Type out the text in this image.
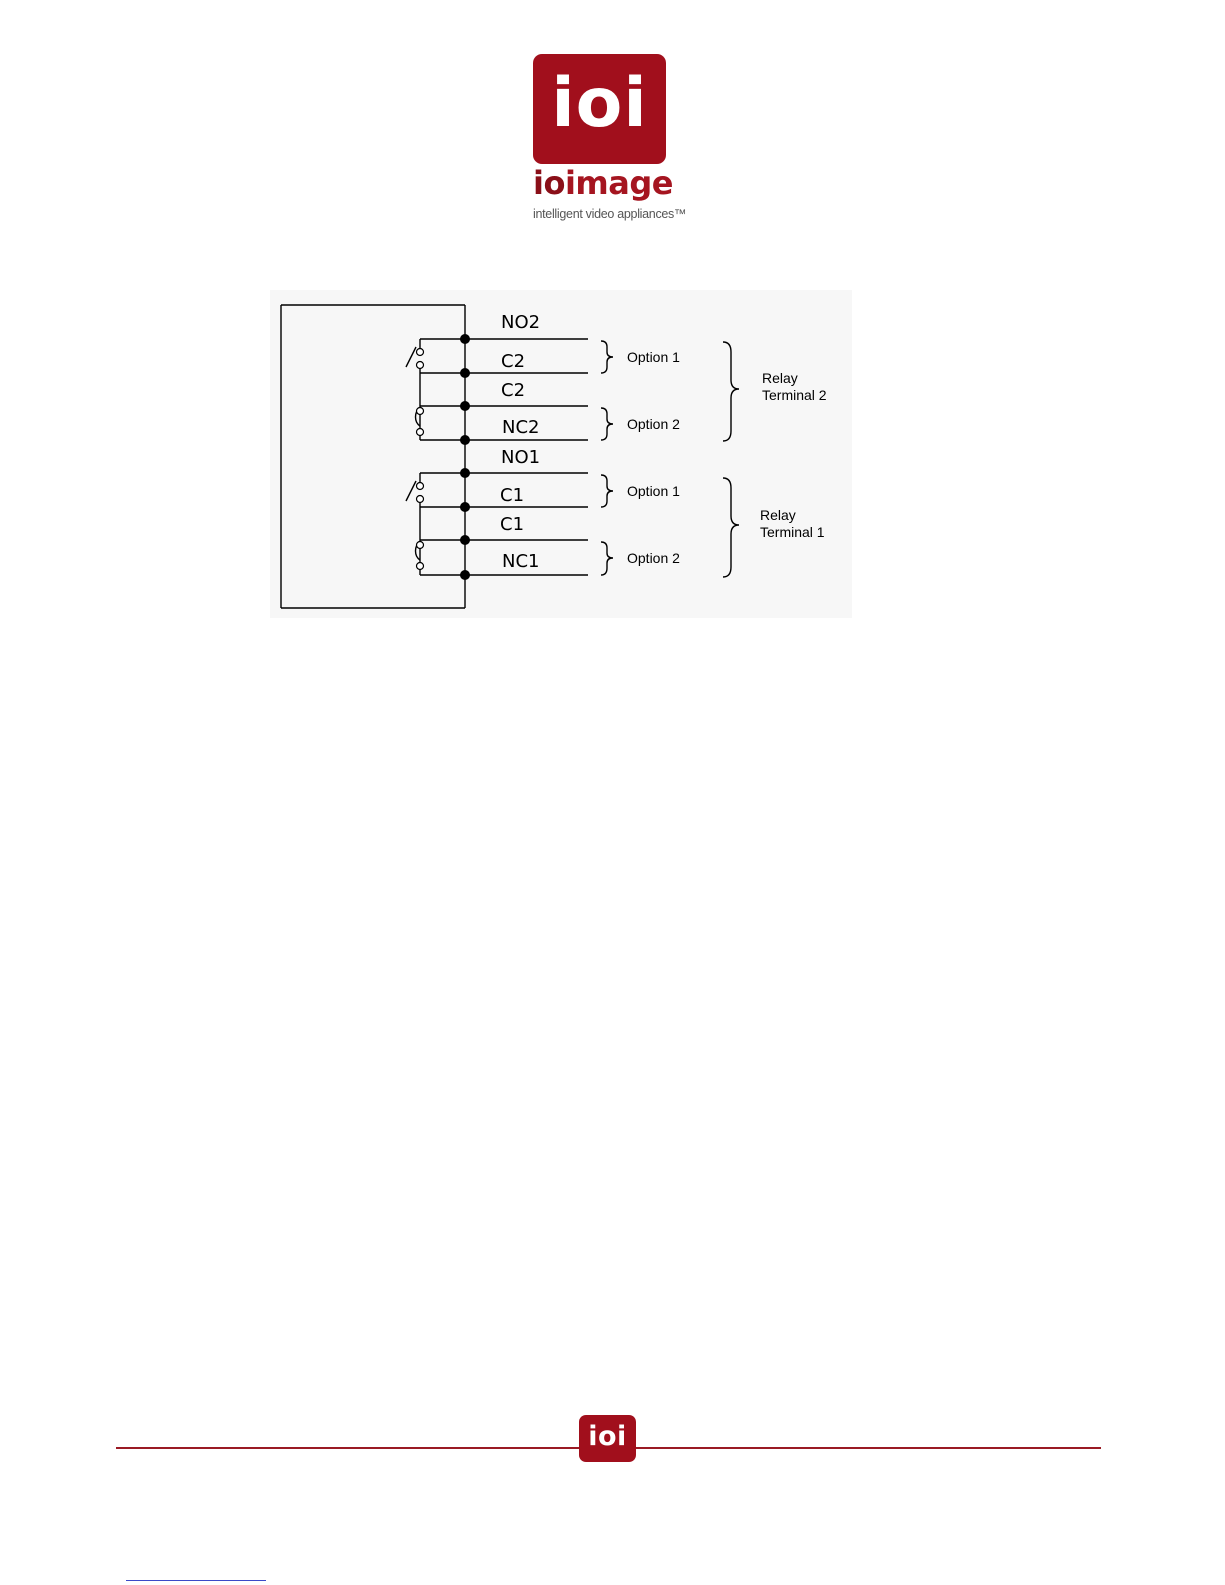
ioi
ioimage
intelligent video appliances™
NO2
C2
C2
NC2
NO1
C1
C1
NC1
Option 1
Option 2
Option 1
Option 2
Relay
Terminal 2
Relay
Terminal 1
ioi
